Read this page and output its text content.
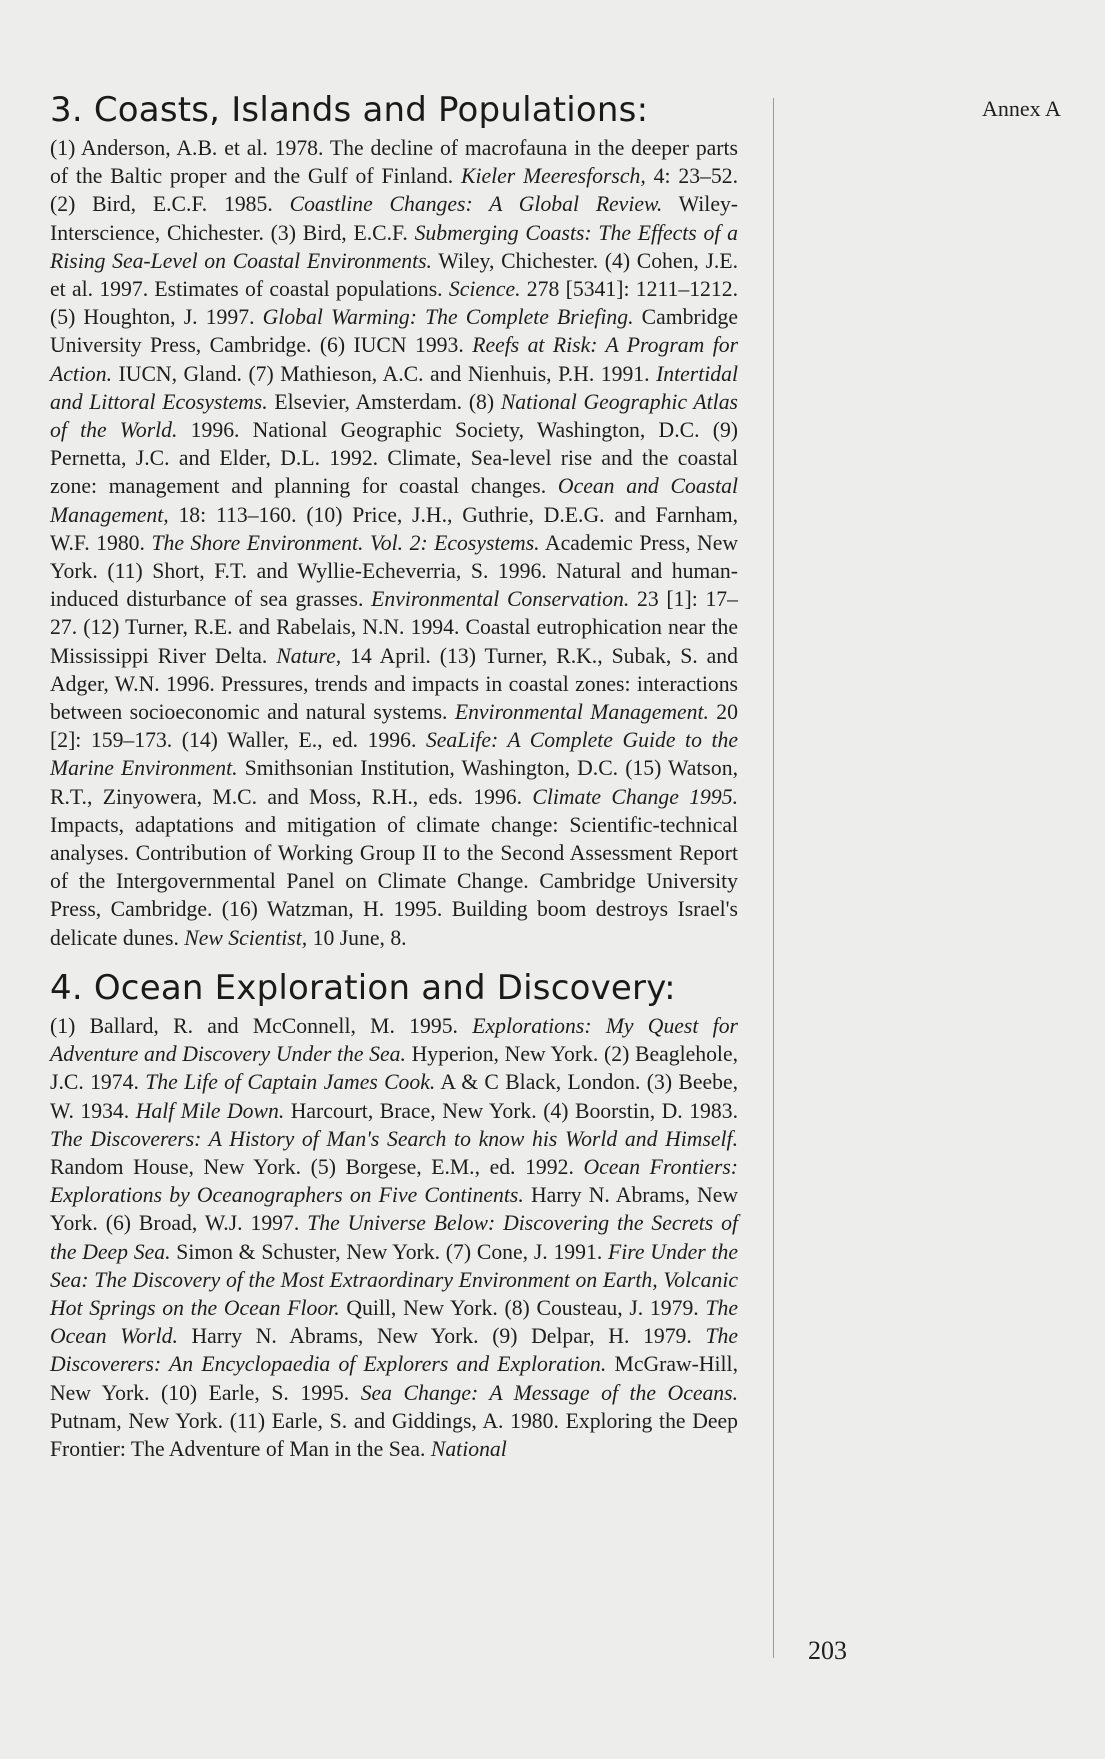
3. Coasts, Islands and Populations:

(1) Anderson, A.B. et al. 1978. The decline of macrofauna in the deeper parts of the Baltic proper and the Gulf of Finland. Kieler Meeresforsch, 4: 23–52. (2) Bird, E.C.F. 1985. Coastline Changes: A Global Review. Wiley-Interscience, Chichester. (3) Bird, E.C.F. Submerging Coasts: The Effects of a Rising Sea-Level on Coastal Environments. Wiley, Chichester. (4) Cohen, J.E. et al. 1997. Estimates of coastal populations. Science. 278 [5341]: 1211–1212. (5) Houghton, J. 1997. Global Warming: The Complete Briefing. Cambridge University Press, Cambridge. (6) IUCN 1993. Reefs at Risk: A Program for Action. IUCN, Gland. (7) Mathieson, A.C. and Nienhuis, P.H. 1991. Intertidal and Littoral Ecosystems. Elsevier, Amsterdam. (8) National Geographic Atlas of the World. 1996. National Geographic Society, Washington, D.C. (9) Pernetta, J.C. and Elder, D.L. 1992. Climate, Sea-level rise and the coastal zone: management and planning for coastal changes. Ocean and Coastal Management, 18: 113–160. (10) Price, J.H., Guthrie, D.E.G. and Farnham, W.F. 1980. The Shore Environment. Vol. 2: Ecosystems. Academic Press, New York. (11) Short, F.T. and Wyllie-Echeverria, S. 1996. Natural and human-induced disturbance of sea grasses. Environmental Conservation. 23 [1]: 17–27. (12) Turner, R.E. and Rabelais, N.N. 1994. Coastal eutrophication near the Mississippi River Delta. Nature, 14 April. (13) Turner, R.K., Subak, S. and Adger, W.N. 1996. Pressures, trends and impacts in coastal zones: interactions between socioeconomic and natural systems. Environmental Management. 20 [2]: 159–173. (14) Waller, E., ed. 1996. SeaLife: A Complete Guide to the Marine Environment. Smithsonian Institution, Washington, D.C. (15) Watson, R.T., Zinyowera, M.C. and Moss, R.H., eds. 1996. Climate Change 1995. Impacts, adaptations and mitigation of climate change: Scientific-technical analyses. Contribution of Working Group II to the Second Assessment Report of the Intergovernmental Panel on Climate Change. Cambridge University Press, Cambridge. (16) Watzman, H. 1995. Building boom destroys Israel's delicate dunes. New Scientist, 10 June, 8.

4. Ocean Exploration and Discovery:

(1) Ballard, R. and McConnell, M. 1995. Explorations: My Quest for Adventure and Discovery Under the Sea. Hyperion, New York. (2) Beaglehole, J.C. 1974. The Life of Captain James Cook. A & C Black, London. (3) Beebe, W. 1934. Half Mile Down. Harcourt, Brace, New York. (4) Boorstin, D. 1983. The Discoverers: A History of Man's Search to know his World and Himself. Random House, New York. (5) Borgese, E.M., ed. 1992. Ocean Frontiers: Explorations by Oceanographers on Five Continents. Harry N. Abrams, New York. (6) Broad, W.J. 1997. The Universe Below: Discovering the Secrets of the Deep Sea. Simon & Schuster, New York. (7) Cone, J. 1991. Fire Under the Sea: The Discovery of the Most Extraordinary Environment on Earth, Volcanic Hot Springs on the Ocean Floor. Quill, New York. (8) Cousteau, J. 1979. The Ocean World. Harry N. Abrams, New York. (9) Delpar, H. 1979. The Discoverers: An Encyclopaedia of Explorers and Exploration. McGraw-Hill, New York. (10) Earle, S. 1995. Sea Change: A Message of the Oceans. Putnam, New York. (11) Earle, S. and Giddings, A. 1980. Exploring the Deep Frontier: The Adventure of Man in the Sea. National

Annex A
203
